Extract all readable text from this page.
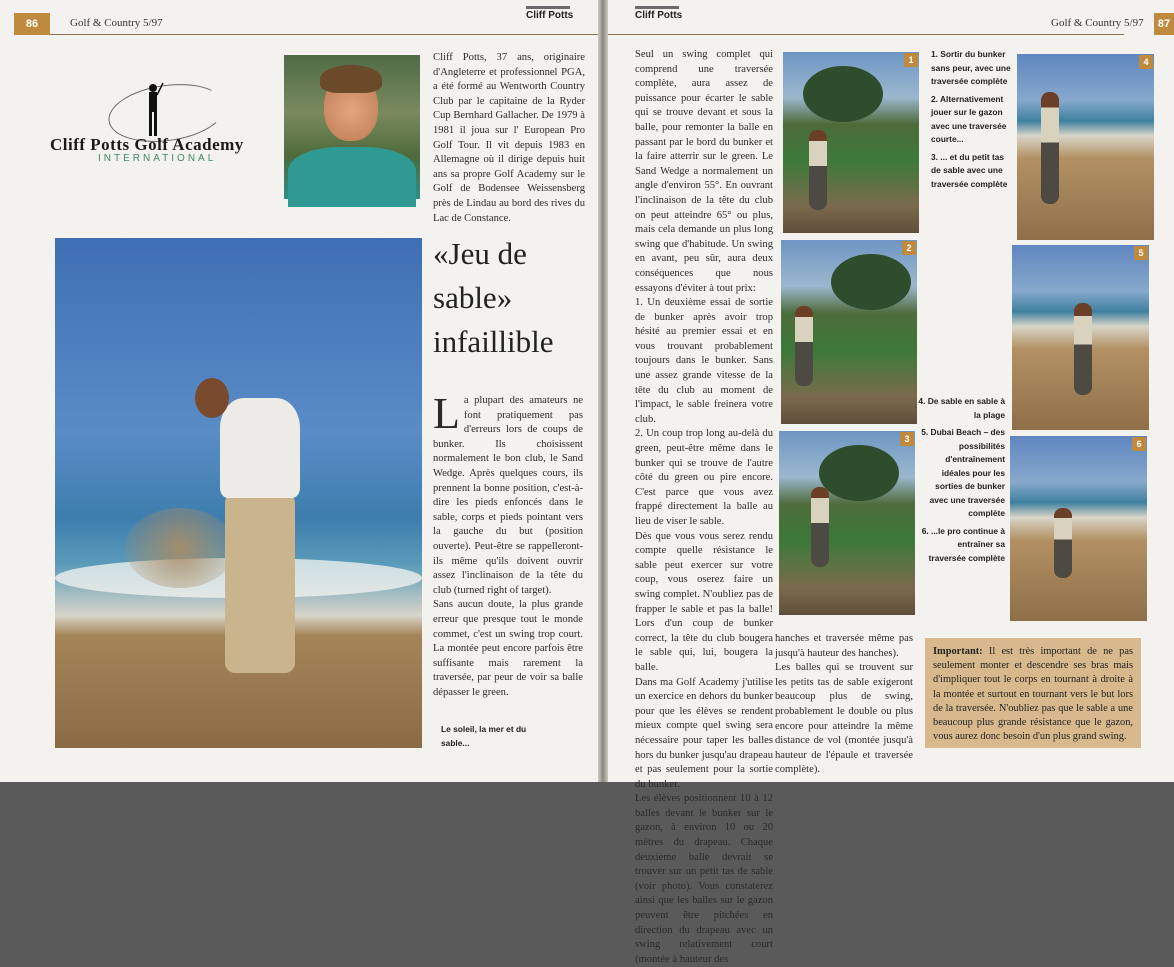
86	Golf & Country 5/97
Cliff Potts
Cliff Potts Golf Academy
INTERNATIONAL
Cliff Potts, 37 ans, originaire d'Angleterre et professionnel PGA, a été formé au Wentworth Country Club par le capitaine de la Ryder Cup Bernhard Gallacher. De 1979 à 1981 il joua sur l' European Pro Golf Tour. Il vit depuis 1983 en Allemagne où il dirige depuis huit ans sa propre Golf Academy sur le Golf de Bodensee Weissensberg près de Lindau au bord des rives du Lac de Constance.
«Jeu de
sable»
infaillible
L a plupart des amateurs ne font pratiquement pas d'erreurs lors de coups de bunker. Ils choisissent normalement le bon club, le Sand Wedge. Après quelques cours, ils prennent la bonne position, c'est-à-dire les pieds enfoncés dans le sable, corps et pieds pointant vers la gauche du but (position ouverte). Peut-être se rappelleront-ils même qu'ils doivent ouvrir assez l'inclinaison de la tête du club (turned right of target).

Sans aucun doute, la plus grande erreur que presque tout le monde commet, c'est un swing trop court. La montée peut encore parfois être suffisante mais rarement la traversée, par peur de voir sa balle dépasser le green.

Le soleil, la mer et du sable...
Cliff Potts
Golf & Country 5/97	87

Seul un swing complet qui comprend une traversée complète, aura assez de puissance pour écarter le sable qui se trouve devant et sous la balle, pour remonter la balle en passant par le bord du bunker et la faire atterrir sur le green. Le Sand Wedge a normalement un angle d'environ 55°. En ouvrant l'inclinaison de la tête du club on peut atteindre 65° ou plus, mais cela demande un plus long swing que d'habitude. Un swing en avant, peu sûr, aura deux conséquences que nous essayons d'éviter à tout prix:

1. Un deuxième essai de sortie de bunker après avoir trop hésité au premier essai et en vous trouvant probablement toujours dans le bunker. Sans une assez grande vitesse de la tête du club au moment de l'impact, le sable freinera votre club.

2. Un coup trop long au-delà du green, peut-être même dans le bunker qui se trouve de l'autre côté du green ou pire encore. C'est parce que vous avez frappé directement la balle au lieu de viser le sable.

Dès que vous vous serez rendu compte quelle résistance le sable peut exercer sur votre coup, vous oserez faire un swing complet. N'oubliez pas de frapper le sable et pas la balle! Lors d'un coup de bunker correct, la tête du club bougera le sable qui, lui, bougera la balle.

Dans ma Golf Academy j'utilise un exercice en dehors du bunker pour que les élèves se rendent mieux compte quel swing sera nécessaire pour taper les balles hors du bunker jusqu'au drapeau et pas seulement pour la sortie du bunker.

Les élèves positionnent 10 à 12 balles devant le bunker sur le gazon, à environ 10 ou 20 mètres du drapeau. Chaque deuxième balle devrait se trouver sur un petit tas de sable (voir photo). Vous constaterez ainsi que les balles sur le gazon peuvent être pitchées en direction du drapeau avec un swing relativement court (montée à hauteur des

hanches et traversée même pas jusqu'à hauteur des hanches).

Les balles qui se trouvent sur les petits tas de sable exigeront beaucoup plus de swing, probablement le double ou plus encore pour atteindre la même distance de vol (montée jusqu'à hauteur de l'épaule et traversée complète).

1
2
3
4
5
6

1. Sortir du bunker sans peur, avec une traversée complète

2. Alternativement jouer sur le gazon avec une traversée courte...

3. ... et du petit tas de sable avec une traversée complète

4. De sable en sable à la plage

5. Dubai Beach – des possibilités d'entraînement idéales pour les sorties de bunker avec une traversée complète

6. ...le pro continue à entraîner sa traversée complète

Important: Il est très important de ne pas seulement monter et descendre ses bras mais d'impliquer tout le corps en tournant à droite à la montée et surtout en tournant vers le but lors de la traversée. N'oubliez pas que le sable a une beaucoup plus grande résistance que le gazon, vous aurez donc besoin d'un plus grand swing.
